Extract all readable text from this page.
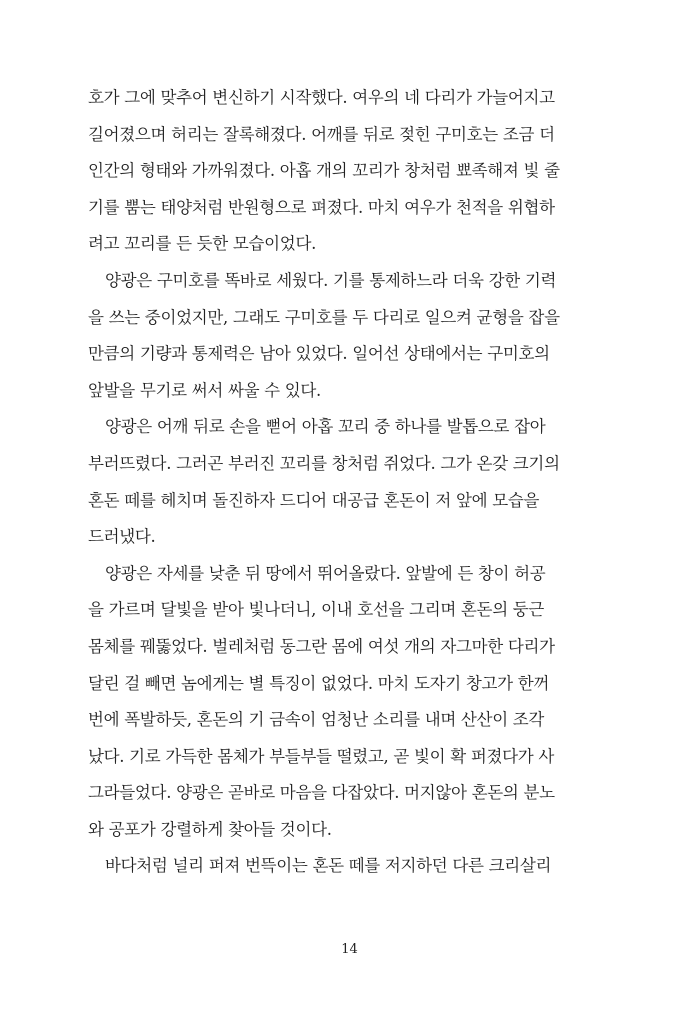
호가 그에 맞추어 변신하기 시작했다. 여우의 네 다리가 가늘어지고
길어졌으며 허리는 잘록해졌다. 어깨를 뒤로 젖힌 구미호는 조금 더
인간의 형태와 가까워졌다. 아홉 개의 꼬리가 창처럼 뾰족해져 빛 줄
기를 뿜는 태양처럼 반원형으로 펴졌다. 마치 여우가 천적을 위협하
려고 꼬리를 든 듯한 모습이었다.
양광은 구미호를 똑바로 세웠다. 기를 통제하느라 더욱 강한 기력
을 쓰는 중이었지만, 그래도 구미호를 두 다리로 일으켜 균형을 잡을
만큼의 기량과 통제력은 남아 있었다. 일어선 상태에서는 구미호의
앞발을 무기로 써서 싸울 수 있다.
양광은 어깨 뒤로 손을 뻗어 아홉 꼬리 중 하나를 발톱으로 잡아
부러뜨렸다. 그러곤 부러진 꼬리를 창처럼 쥐었다. 그가 온갖 크기의
혼돈 떼를 헤치며 돌진하자 드디어 대공급 혼돈이 저 앞에 모습을
드러냈다.
양광은 자세를 낮춘 뒤 땅에서 뛰어올랐다. 앞발에 든 창이 허공
을 가르며 달빛을 받아 빛나더니, 이내 호선을 그리며 혼돈의 둥근
몸체를 꿰뚫었다. 벌레처럼 동그란 몸에 여섯 개의 자그마한 다리가
달린 걸 빼면 놈에게는 별 특징이 없었다. 마치 도자기 창고가 한꺼
번에 폭발하듯, 혼돈의 기 금속이 엄청난 소리를 내며 산산이 조각
났다. 기로 가득한 몸체가 부들부들 떨렸고, 곧 빛이 확 퍼졌다가 사
그라들었다. 양광은 곧바로 마음을 다잡았다. 머지않아 혼돈의 분노
와 공포가 강렬하게 찾아들 것이다.
바다처럼 널리 퍼져 번뜩이는 혼돈 떼를 저지하던 다른 크리살리
14
